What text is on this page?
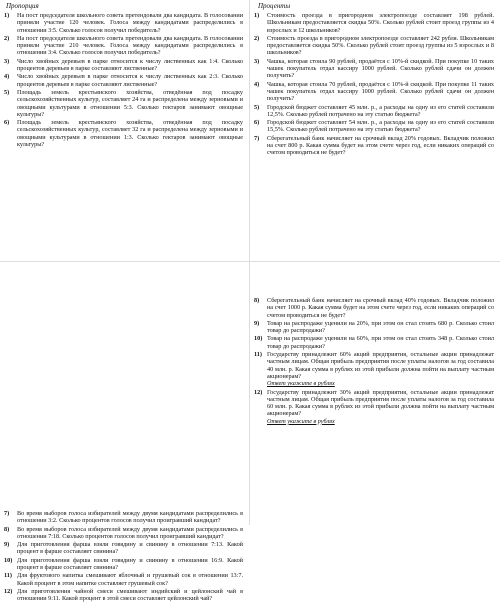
Пропорция
1)	На пост председателя школьного совета претендовали два кандидата. В голосовании приняли участие 120 человек. Голоса между кандидатами распределились в отношении 3:5. Сколько голосов получил победитель?
2)	На пост председателя школьного совета претендовали два кандидата. В голосовании приняли участие 210 человек. Голоса между кандидатами распределились в отношении 3:4. Сколько голосов получил победитель?
3)	Число хвойных деревьев в парке относится к числу лиственных как 1:4. Сколько процентов деревьев в парке составляют лиственные?
4)	Число хвойных деревьев в парке относится к числу лиственных как 2:3. Сколько процентов деревьев в парке составляют лиственные?
5)	Площадь земель крестьянского хозяйства, отведённая под посадку сельскохозяйственных культур, составляет 24 га и распределена между зерновыми и овощными культурами в отношении 5:3. Сколько гектаров занимают овощные культуры?
6)	Площадь земель крестьянского хозяйства, отведённая под посадку сельскохозяйственных культур, составляет 32 га и распределена между зерновыми и овощными культурами в отношении 1:3. Сколько гектаров занимают овощные культуры?
Проценты
1)	Стоимость проезда в пригородном электропоезде составляет 198 рублей. Школьникам предоставляется скидка 50%. Сколько рублей стоит проезд группы из 4 взрослых и 12 школьников?
2)	Стоимость проезда в пригородном электропоезде составляет 242 рубля. Школьникам предоставляется скидка 50%. Сколько рублей стоит проезд группы из 5 взрослых и 8 школьников?
3)	Чашка, которая стоила 90 рублей, продаётся с 10%-й скидкой. При покупке 10 таких чашек покупатель отдал кассиру 1000 рублей. Сколько рублей сдачи он должен получить?
4)	Чашка, которая стоила 70 рублей, продаётся с 10%-й скидкой. При покупке 11 таких чашек покупатель отдал кассиру 1000 рублей. Сколько рублей сдачи он должен получить?
5)	Городской бюджет составляет 45 млн. р., а расходы на одну из его статей составили 12,5%. Сколько рублей потрачено на эту статью бюджета?
6)	Городской бюджет составляет 54 млн. р., а расходы на одну из его статей составили 15,5%. Сколько рублей потрачено на эту статью бюджета?
7)	Сберегательный банк начисляет на срочный вклад 20% годовых. Вкладчик положил на счет 800 р. Какая сумма будет на этом счете через год, если никаких операций со счетом проводиться не будет?
7)	Во время выборов голоса избирателей между двумя кандидатами распределились в отношении 3:2. Сколько процентов голосов получил проигравший кандидат?
8)	Во время выборов голоса избирателей между двумя кандидатами распределились в отношении 7:18. Сколько процентов голосов получил проигравший кандидат?
9)	Для приготовления фарша взяли говядину и свинину в отношении 7:13. Какой процент в фарше составляет свинина?
10) Для приготовления фарша взяли говядину и свинину в отношении 16:9. Какой процент в фарше составляет свинина?
11) Для фруктового напитка смешивают яблочный и грушевый сок в отношении 13:7. Какой процент в этом напитке составляет грушевый сок?
12) Для приготовления чайной смеси смешивают индийский и цейлонский чай в отношении 9:11. Какой процент в этой смеси составляет цейлонский чай?
8)	Сберегательный банк начисляет на срочный вклад 40% годовых. Вкладчик положил на счет 1000 р. Какая сумма будет на этом счете через год, если никаких операций со счетом проводиться не будет?
9)	Товар на распродаже уценили на 20%, при этом он стал стоить 680 р. Сколько стоил товар до распродажи?
10) Товар на распродаже уценили на 60%, при этом он стал стоить 348 р. Сколько стоил товар до распродажи?
11) Государству принадлежит 60% акций предприятия, остальные акции принадлежат частным лицам. Общая прибыль предприятия после уплаты налогов за год составила 40 млн. р. Какая сумма в рублях из этой прибыли должна пойти на выплату частным акционерам?
Ответ укажите в рублях
12) Государству принадлежит 30% акций предприятия, остальные акции принадлежат частным лицам. Общая прибыль предприятия после уплаты налогов за год составила 60 млн. р. Какая сумма в рублях из этой прибыли должна пойти на выплату частным акционерам?
Ответ укажите в рублях
